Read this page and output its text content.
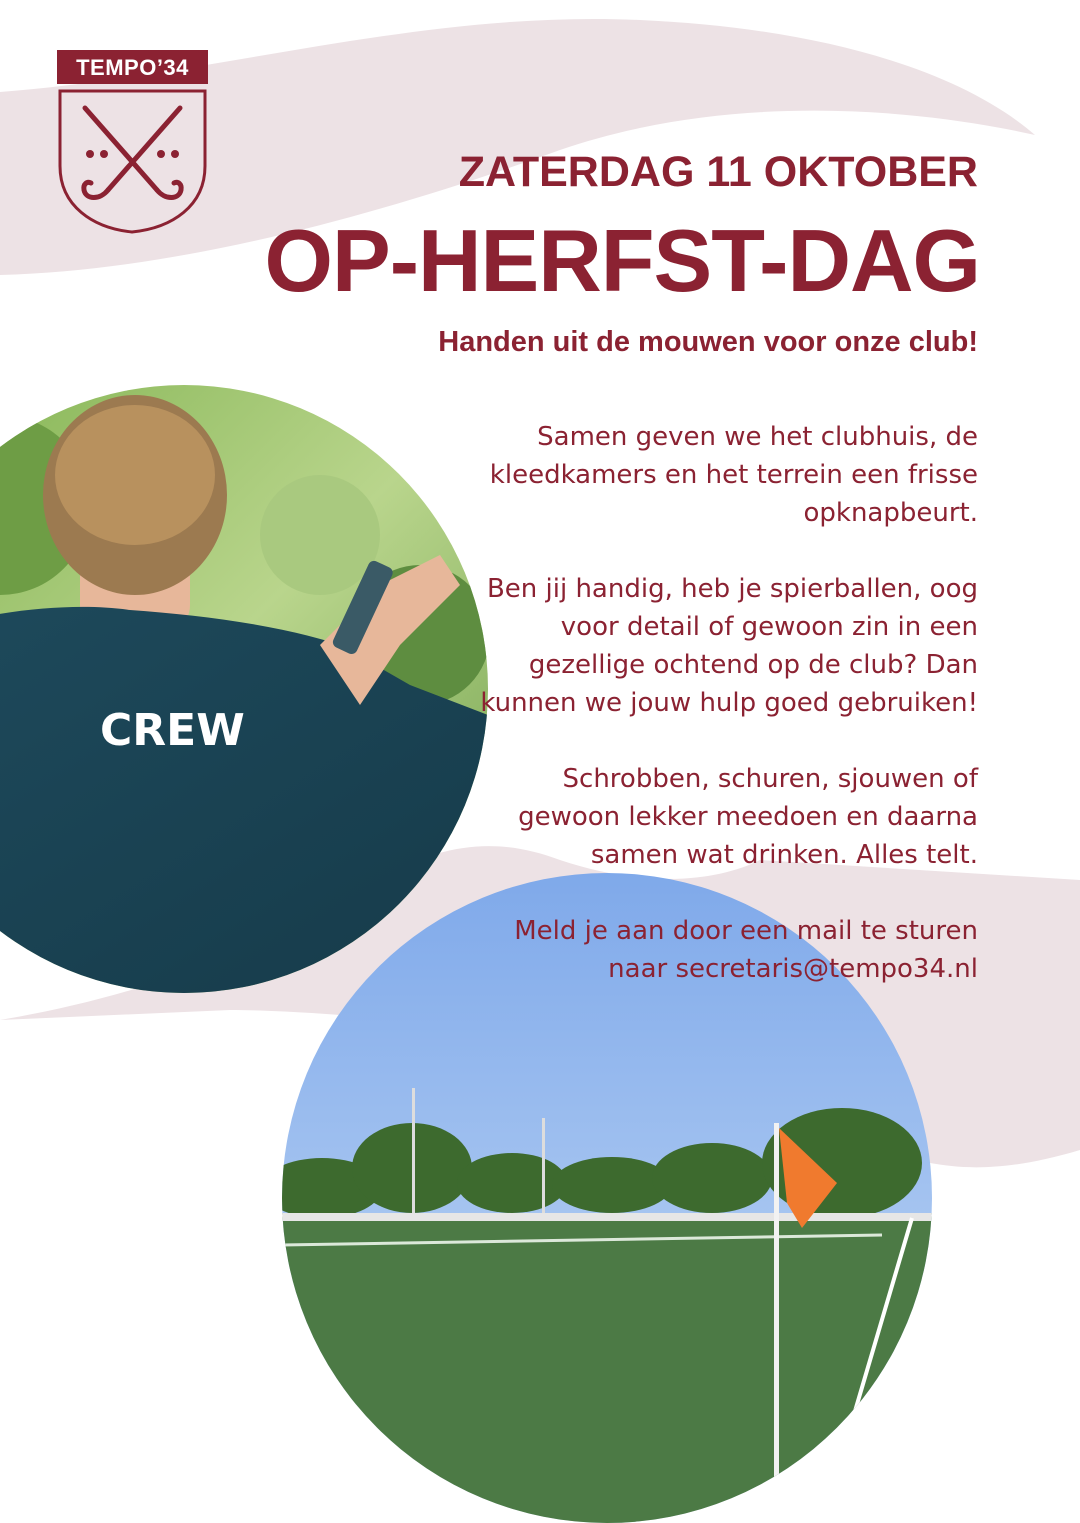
TEMPO’34
ZATERDAG 11 OKTOBER
OP-HERFST-DAG
Handen uit de mouwen voor onze club!
CREW

Samen geven we het clubhuis, de kleedkamers en het terrein een frisse opknapbeurt.

Ben jij handig, heb je spierballen, oog voor detail of gewoon zin in een gezellige ochtend op de club? Dan kunnen we jouw hulp goed gebruiken!

Schrobben, schuren, sjouwen of gewoon lekker meedoen en daarna samen wat drinken. Alles telt.

Meld je aan door een mail te sturen naar secretaris@tempo34.nl
